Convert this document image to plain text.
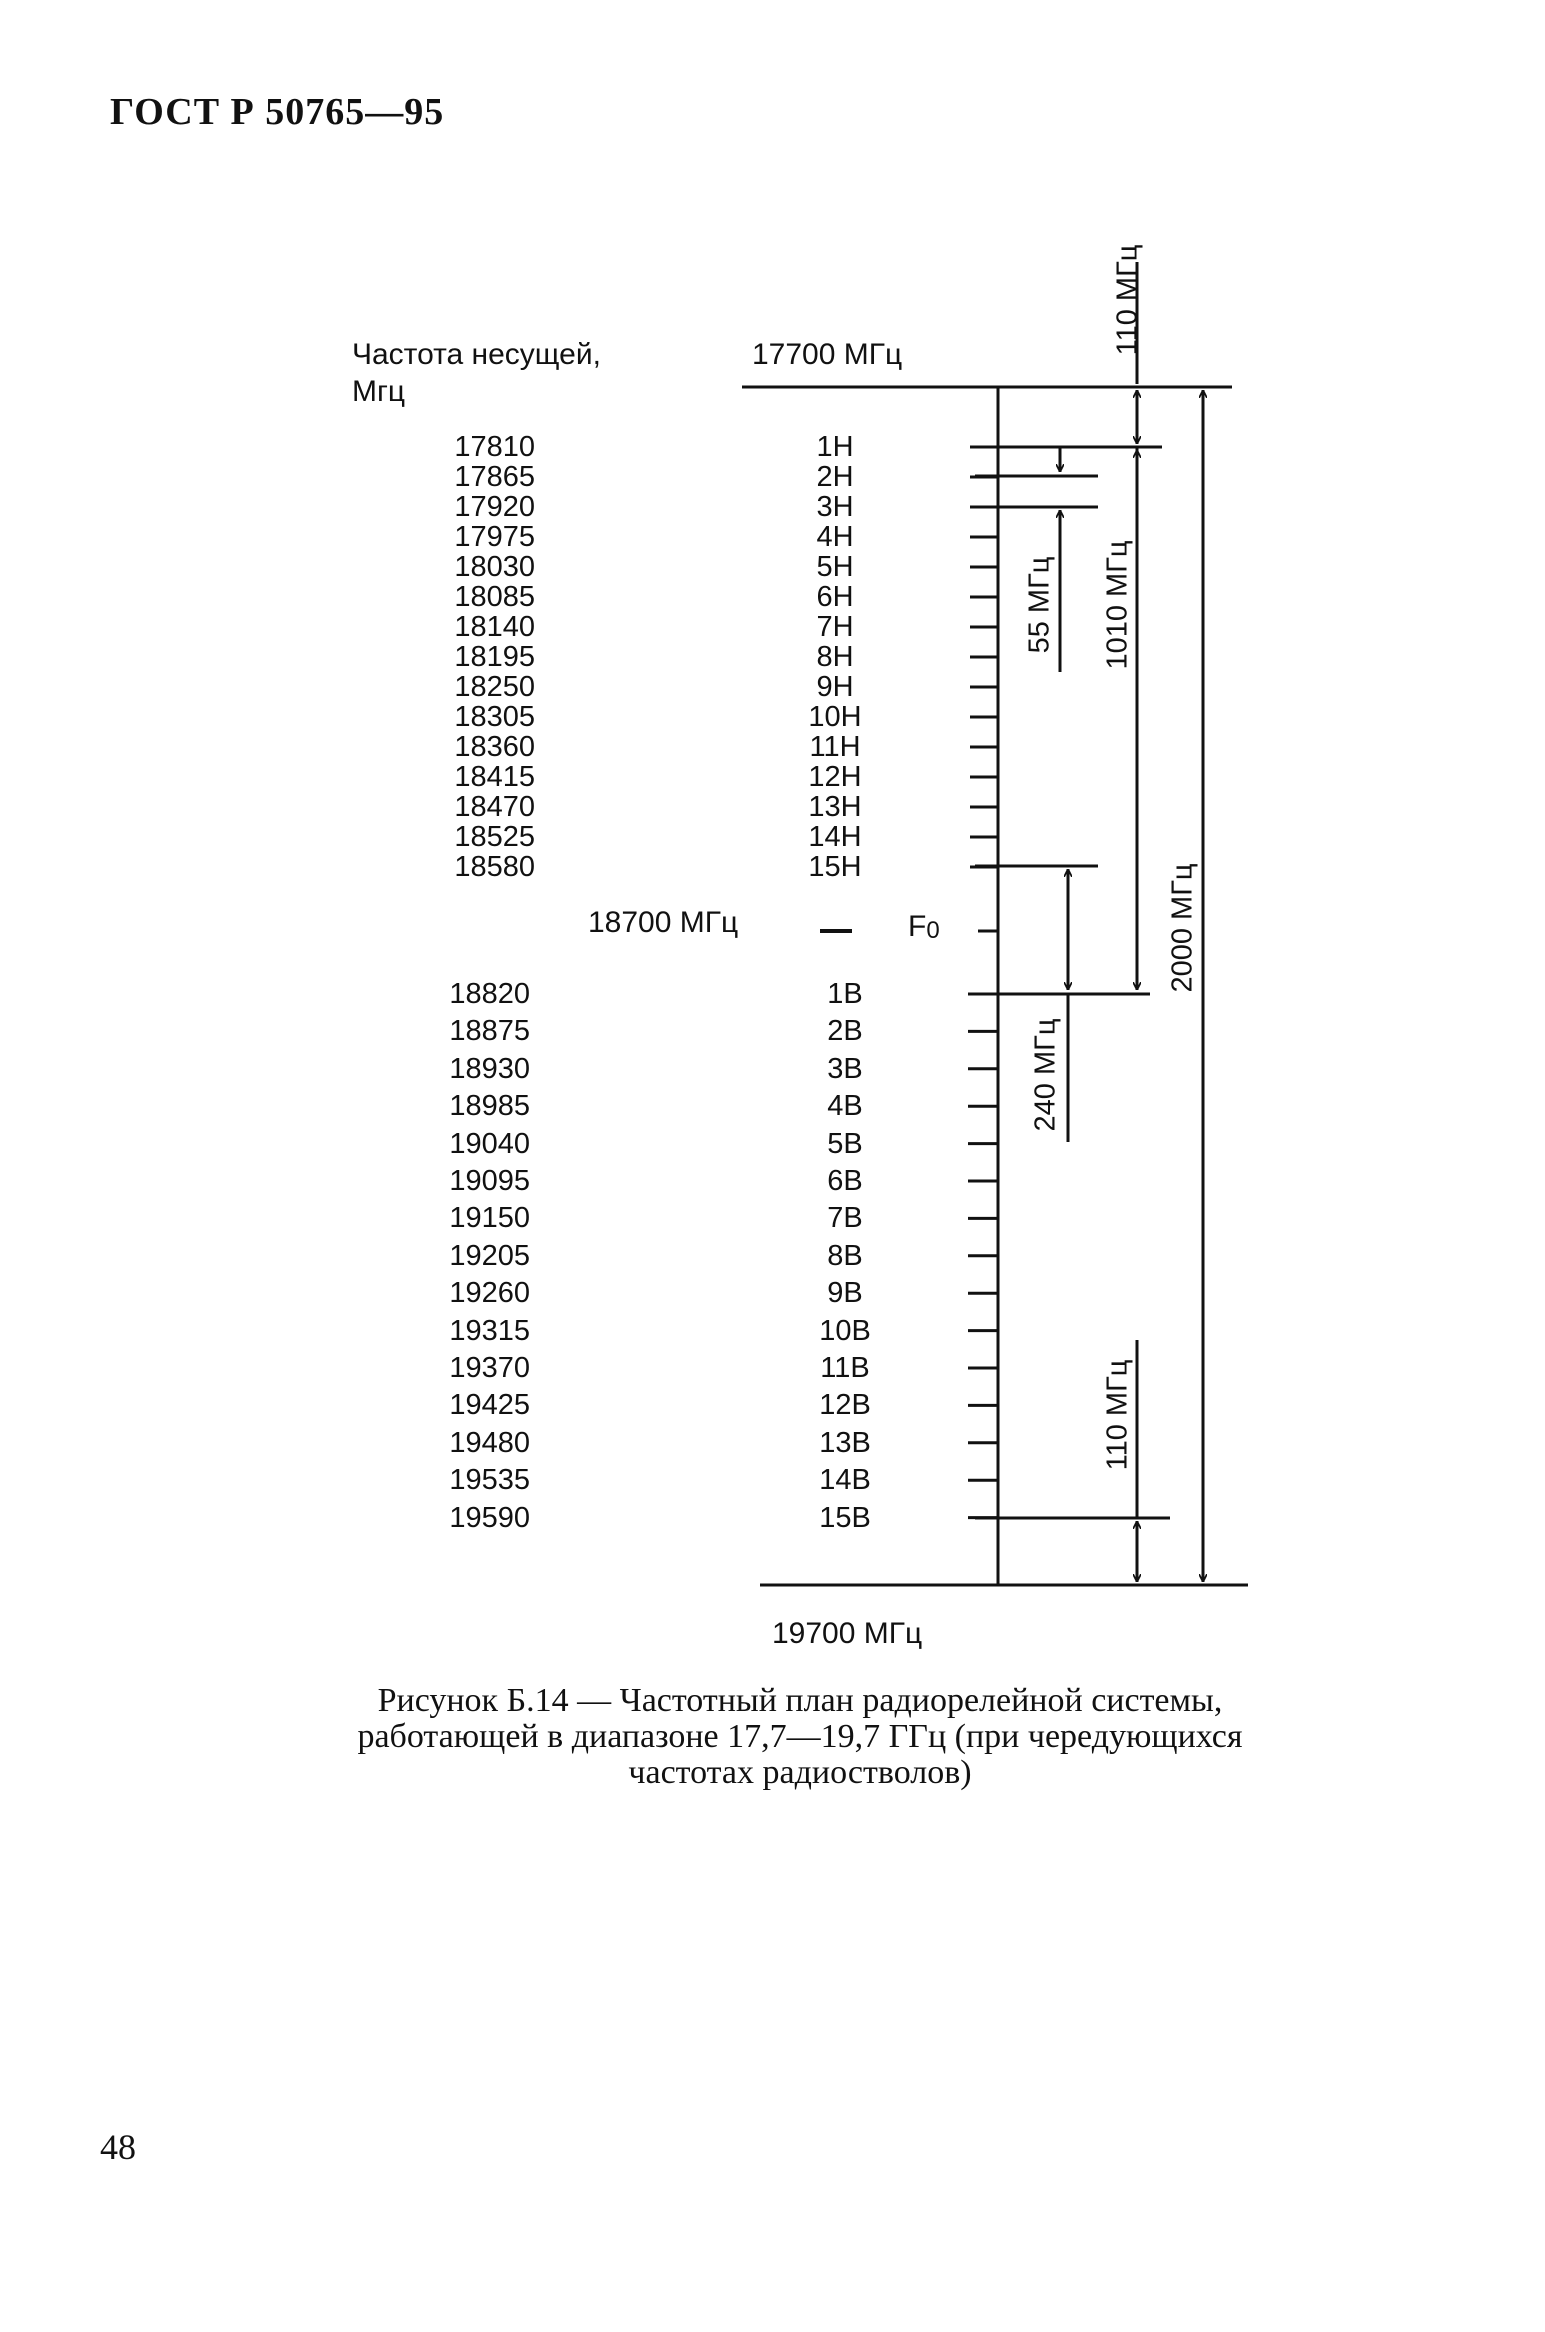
ГОСТ Р 50765—95
Частота несущей,
Мгц
17700 МГц
19700 МГц
18700 МГц	F0
17810	1Н
17865	2Н
17920	3Н
17975	4Н
18030	5Н
18085	6Н
18140	7Н
18195	8Н
18250	9Н
18305	10Н
18360	11Н
18415	12Н
18470	13Н
18525	14Н
18580	15Н
18820	1В
18875	2В
18930	3В
18985	4В
19040	5В
19095	6В
19150	7В
19205	8В
19260	9В
19315	10В
19370	11В
19425	12В
19480	13В
19535	14В
19590	15В
110 МГц
55 МГц 1010 МГц
2000 МГц
240 МГц
110 МГц
Рисунок Б.14 — Частотный план радиорелейной системы, работающей в диапазоне 17,7—19,7 ГГц (при чередующихся частотах радиостволов)
48
